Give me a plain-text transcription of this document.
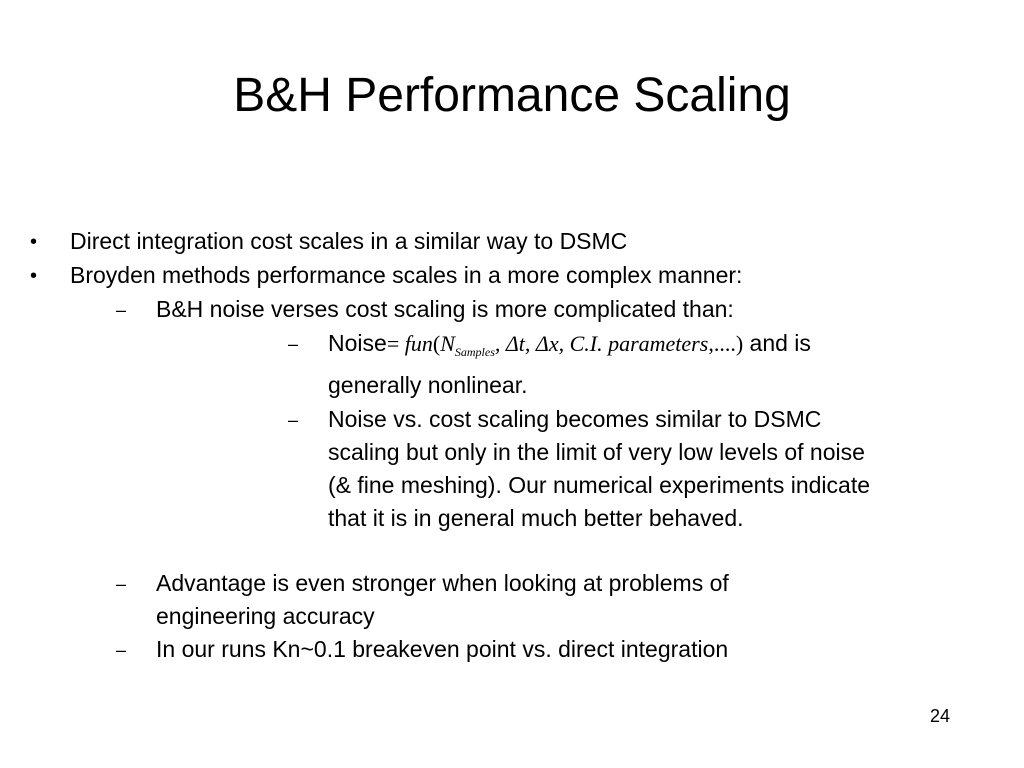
B&H Performance Scaling
• Direct integration cost scales in a similar way to DSMC
• Broyden methods performance scales in a more complex manner:
– B&H noise verses cost scaling is more complicated than:
– Noise= $fun(N_{Samples}$, Δt, Δx, C.I. parameters,....) and is
generally nonlinear.
– Noise vs. cost scaling becomes similar to DSMC
scaling but only in the limit of very low levels of noise
(& fine meshing). Our numerical experiments indicate
that it is in general much better behaved.
– Advantage is even stronger when looking at problems of
engineering accuracy
– In our runs Kn~0.1 breakeven point vs. direct integration
24
